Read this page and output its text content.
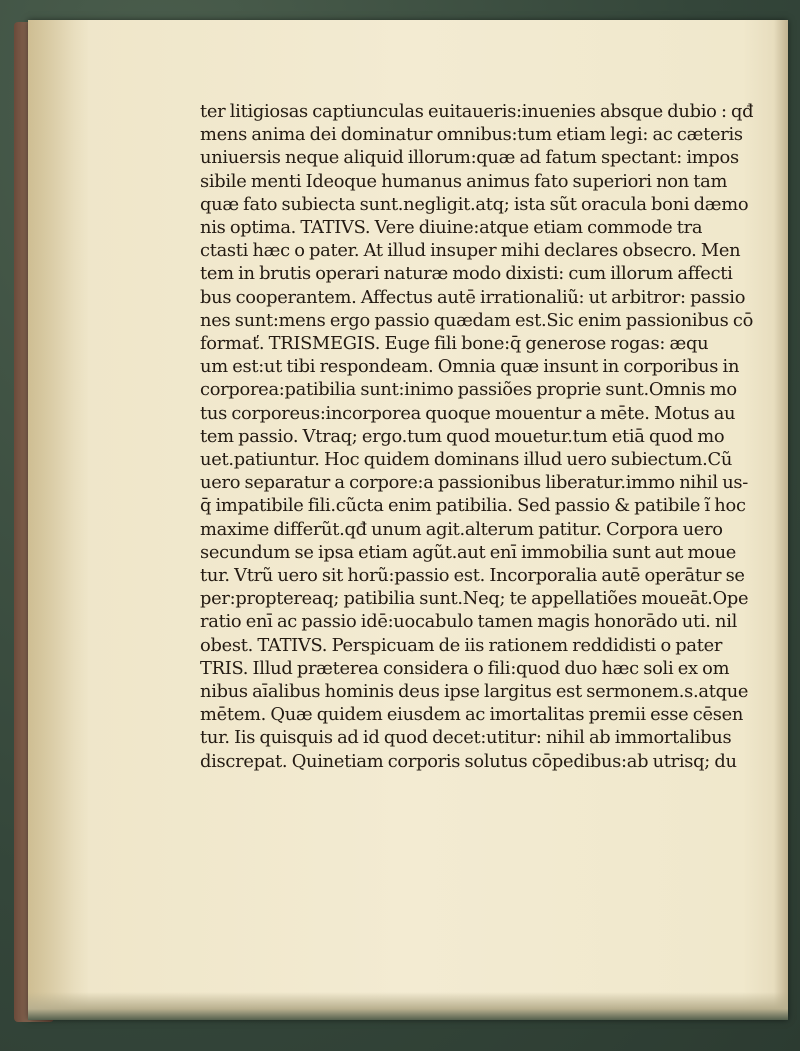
ter litigiosas captiunculas euitaueris:inuenies absque dubio : qđ
mens anima dei dominatur omnibus:tum etiam legi: ac cæteris
uniuersis neque aliquid illorum:quæ ad fatum spectant: impos
sibile menti Ideoque humanus animus fato superiori non tam
quæ fato subiecta sunt.negligit.atq; ista sũt oracula boni dæmo
nis optima. TATIVS. Vere diuine:atque etiam commode tra
ctasti hæc o pater. At illud insuper mihi declares obsecro. Men
tem in brutis operari naturæ modo dixisti: cum illorum affecti
bus cooperantem. Affectus autē irrationaliũ: ut arbitror: passio
nes sunt:mens ergo passio quædam est.Sic enim passionibus cō
formať. TRISMEGIS. Euge fili bone:q̄ generose rogas: æqu
um est:ut tibi respondeam. Omnia quæ insunt in corporibus in
corporea:patibilia sunt:inimo passiões proprie sunt.Omnis mo
tus corporeus:incorporea quoque mouentur a mēte. Motus au
tem passio. Vtraq; ergo.tum quod mouetur.tum etiā quod mo
uet.patiuntur. Hoc quidem dominans illud uero subiectum.Cũ
uero separatur a corpore:a passionibus liberatur.immo nihil us-
q̄ impatibile fili.cũcta enim patibilia. Sed passio & patibile ĩ hoc
maxime differũt.qđ unum agit.alterum patitur. Corpora uero
secundum se ipsa etiam agũt.aut enī immobilia sunt aut moue
tur. Vtrũ uero sit horũ:passio est. Incorporalia autē operātur se
per:proptereaq; patibilia sunt.Neq; te appellatiões moueāt.Ope
ratio enī ac passio idē:uocabulo tamen magis honorādo uti. nil
obest. TATIVS. Perspicuam de iis rationem reddidisti o pater
TRIS. Illud præterea considera o fili:quod duo hæc soli ex om
nibus aīalibus hominis deus ipse largitus est sermonem.s.atque
mētem. Quæ quidem eiusdem ac imortalitas premii esse cēsen
tur. Iis quisquis ad id quod decet:utitur: nihil ab immortalibus
discrepat. Quinetiam corporis solutus cōpedibus:ab utrisq; du
